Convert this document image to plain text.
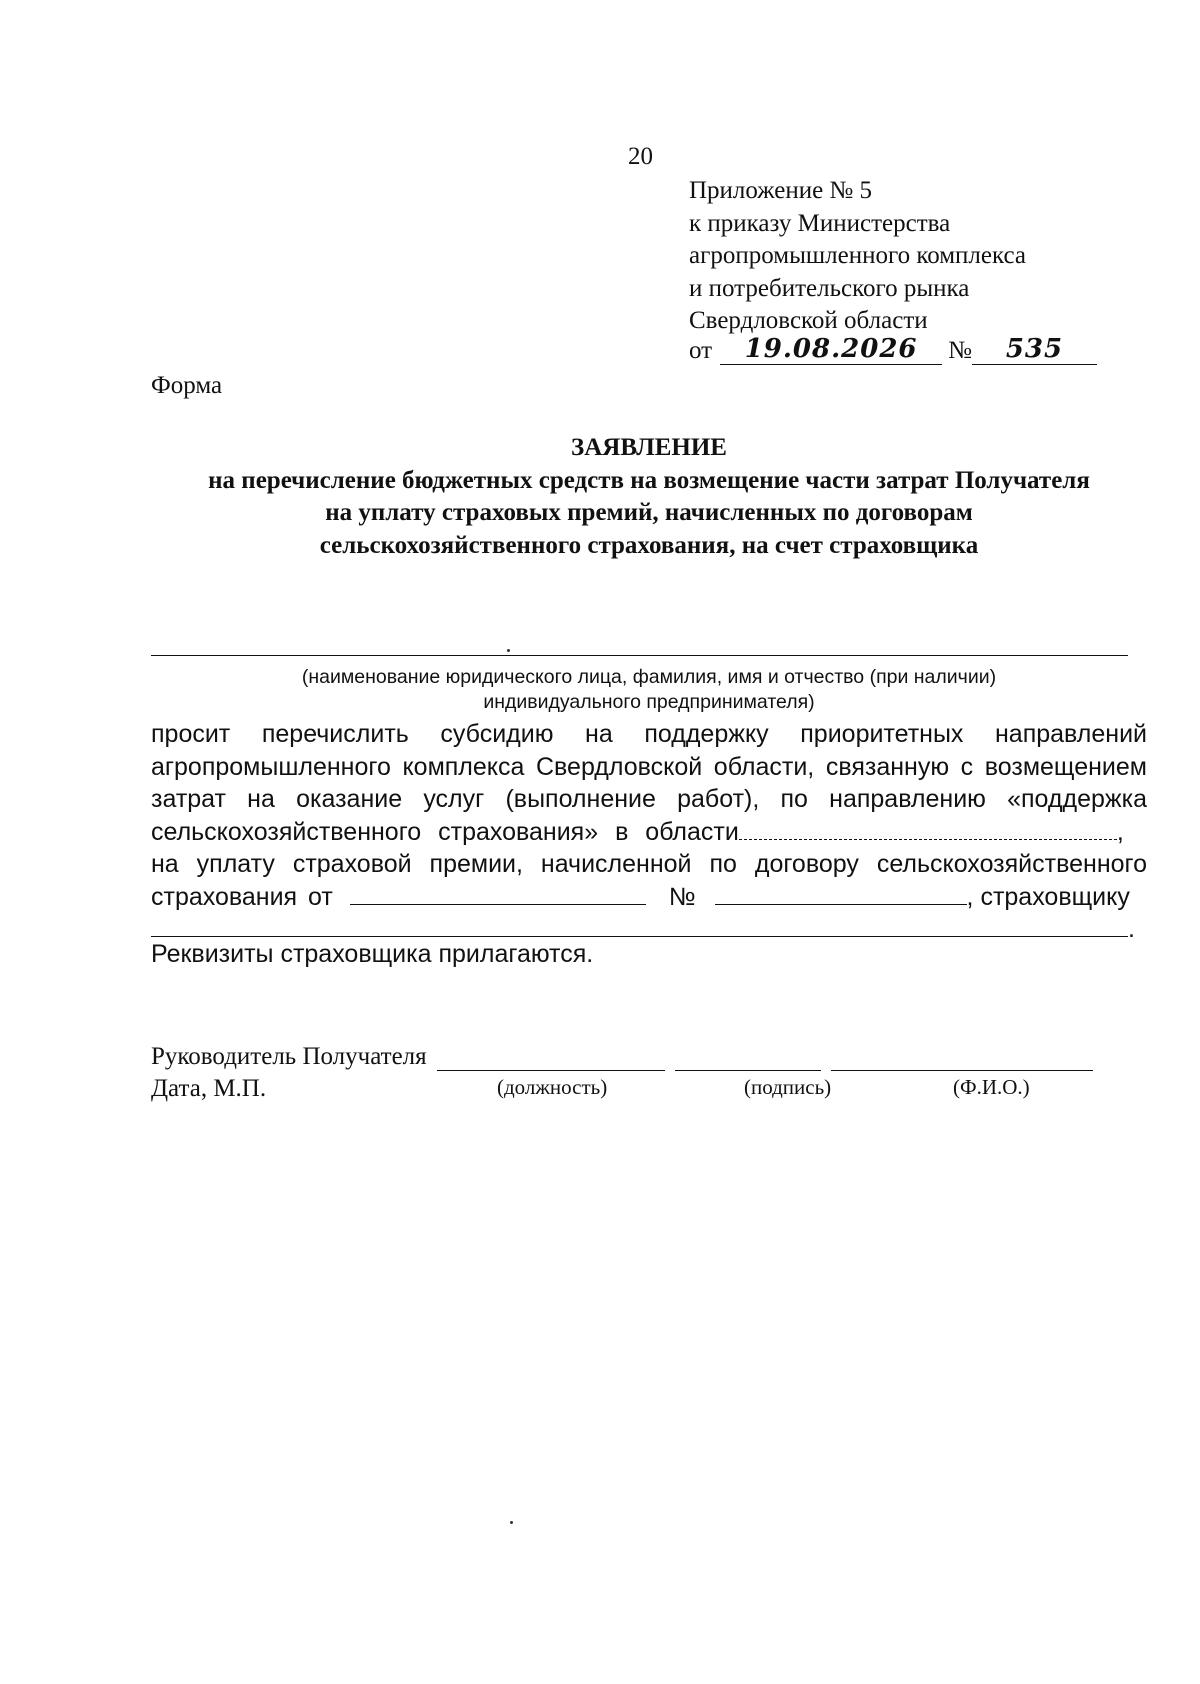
20
Приложение № 5
к приказу Министерства
агропромышленного комплекса
и потребительского рынка
Свердловской области
от	19.08.2026	№	535
Форма
ЗАЯВЛЕНИЕ
на перечисление бюджетных средств на возмещение части затрат Получателя
на уплату страховых премий, начисленных по договорам
сельскохозяйственного страхования, на счет страховщика
(наименование юридического лица, фамилия, имя и отчество (при наличии)
индивидуального предпринимателя)
просит перечислить субсидию на поддержку приоритетных направлений
агропромышленного комплекса Свердловской области, связанную с возмещением
затрат на оказание услуг (выполнение работ), по направлению «поддержка
сельскохозяйственного страхования» в области	,
на уплату страховой премии, начисленной по договору сельскохозяйственного
страхования от	№	, страховщику
.
Реквизиты страховщика прилагаются.
Руководитель Получателя
Дата, М.П.	(должность)	(подпись)	(Ф.И.О.)
